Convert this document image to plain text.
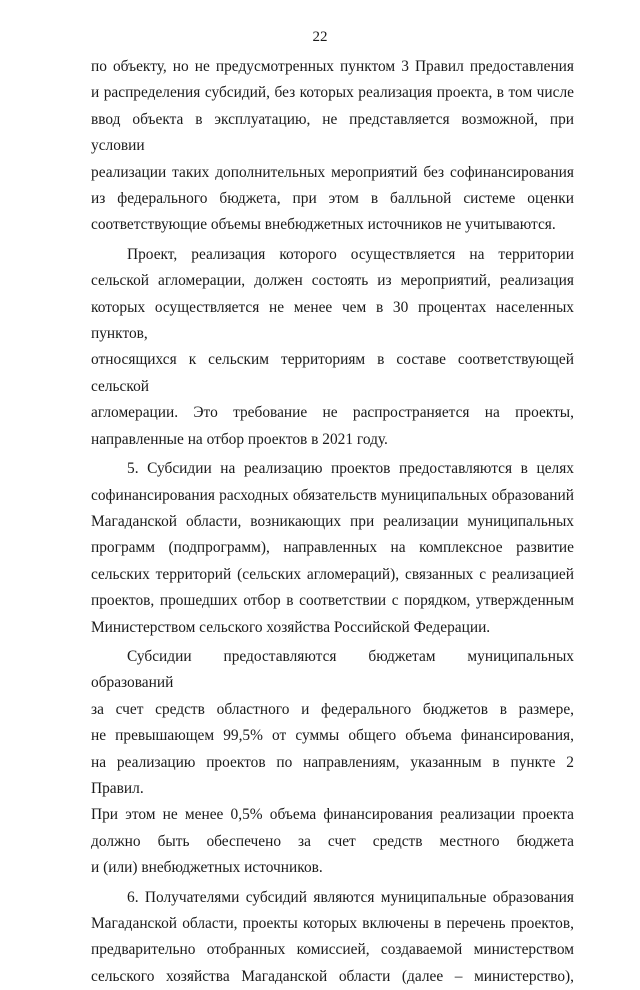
22

по объекту, но не предусмотренных пунктом 3 Правил предоставления

и распределения субсидий, без которых реализация проекта, в том числе

ввод объекта в эксплуатацию, не представляется возможной, при условии

реализации таких дополнительных мероприятий без софинансирования

из федерального бюджета, при этом в балльной системе оценки

соответствующие объемы внебюджетных источников не учитываются.

Проект, реализация которого осуществляется на территории

сельской агломерации, должен состоять из мероприятий, реализация

которых осуществляется не менее чем в 30 процентах населенных пунктов,

относящихся к сельским территориям в составе соответствующей сельской

агломерации. Это требование не распространяется на проекты,

направленные на отбор проектов в 2021 году.

5. Субсидии на реализацию проектов предоставляются в целях

софинансирования расходных обязательств муниципальных образований

Магаданской области, возникающих при реализации муниципальных

программ (подпрограмм), направленных на комплексное развитие

сельских территорий (сельских агломераций), связанных с реализацией

проектов, прошедших отбор в соответствии с порядком, утвержденным

Министерством сельского хозяйства Российской Федерации.

Субсидии предоставляются бюджетам муниципальных образований

за счет средств областного и федерального бюджетов в размере,

не превышающем 99,5% от суммы общего объема финансирования,

на реализацию проектов по направлениям, указанным в пункте 2 Правил.

При этом не менее 0,5% объема финансирования реализации проекта

должно быть обеспечено за счет средств местного бюджета

и (или) внебюджетных источников.

6. Получателями субсидий являются муниципальные образования

Магаданской области, проекты которых включены в перечень проектов,

предварительно отобранных комиссией, создаваемой министерством

сельского хозяйства Магаданской области (далее – министерство),
